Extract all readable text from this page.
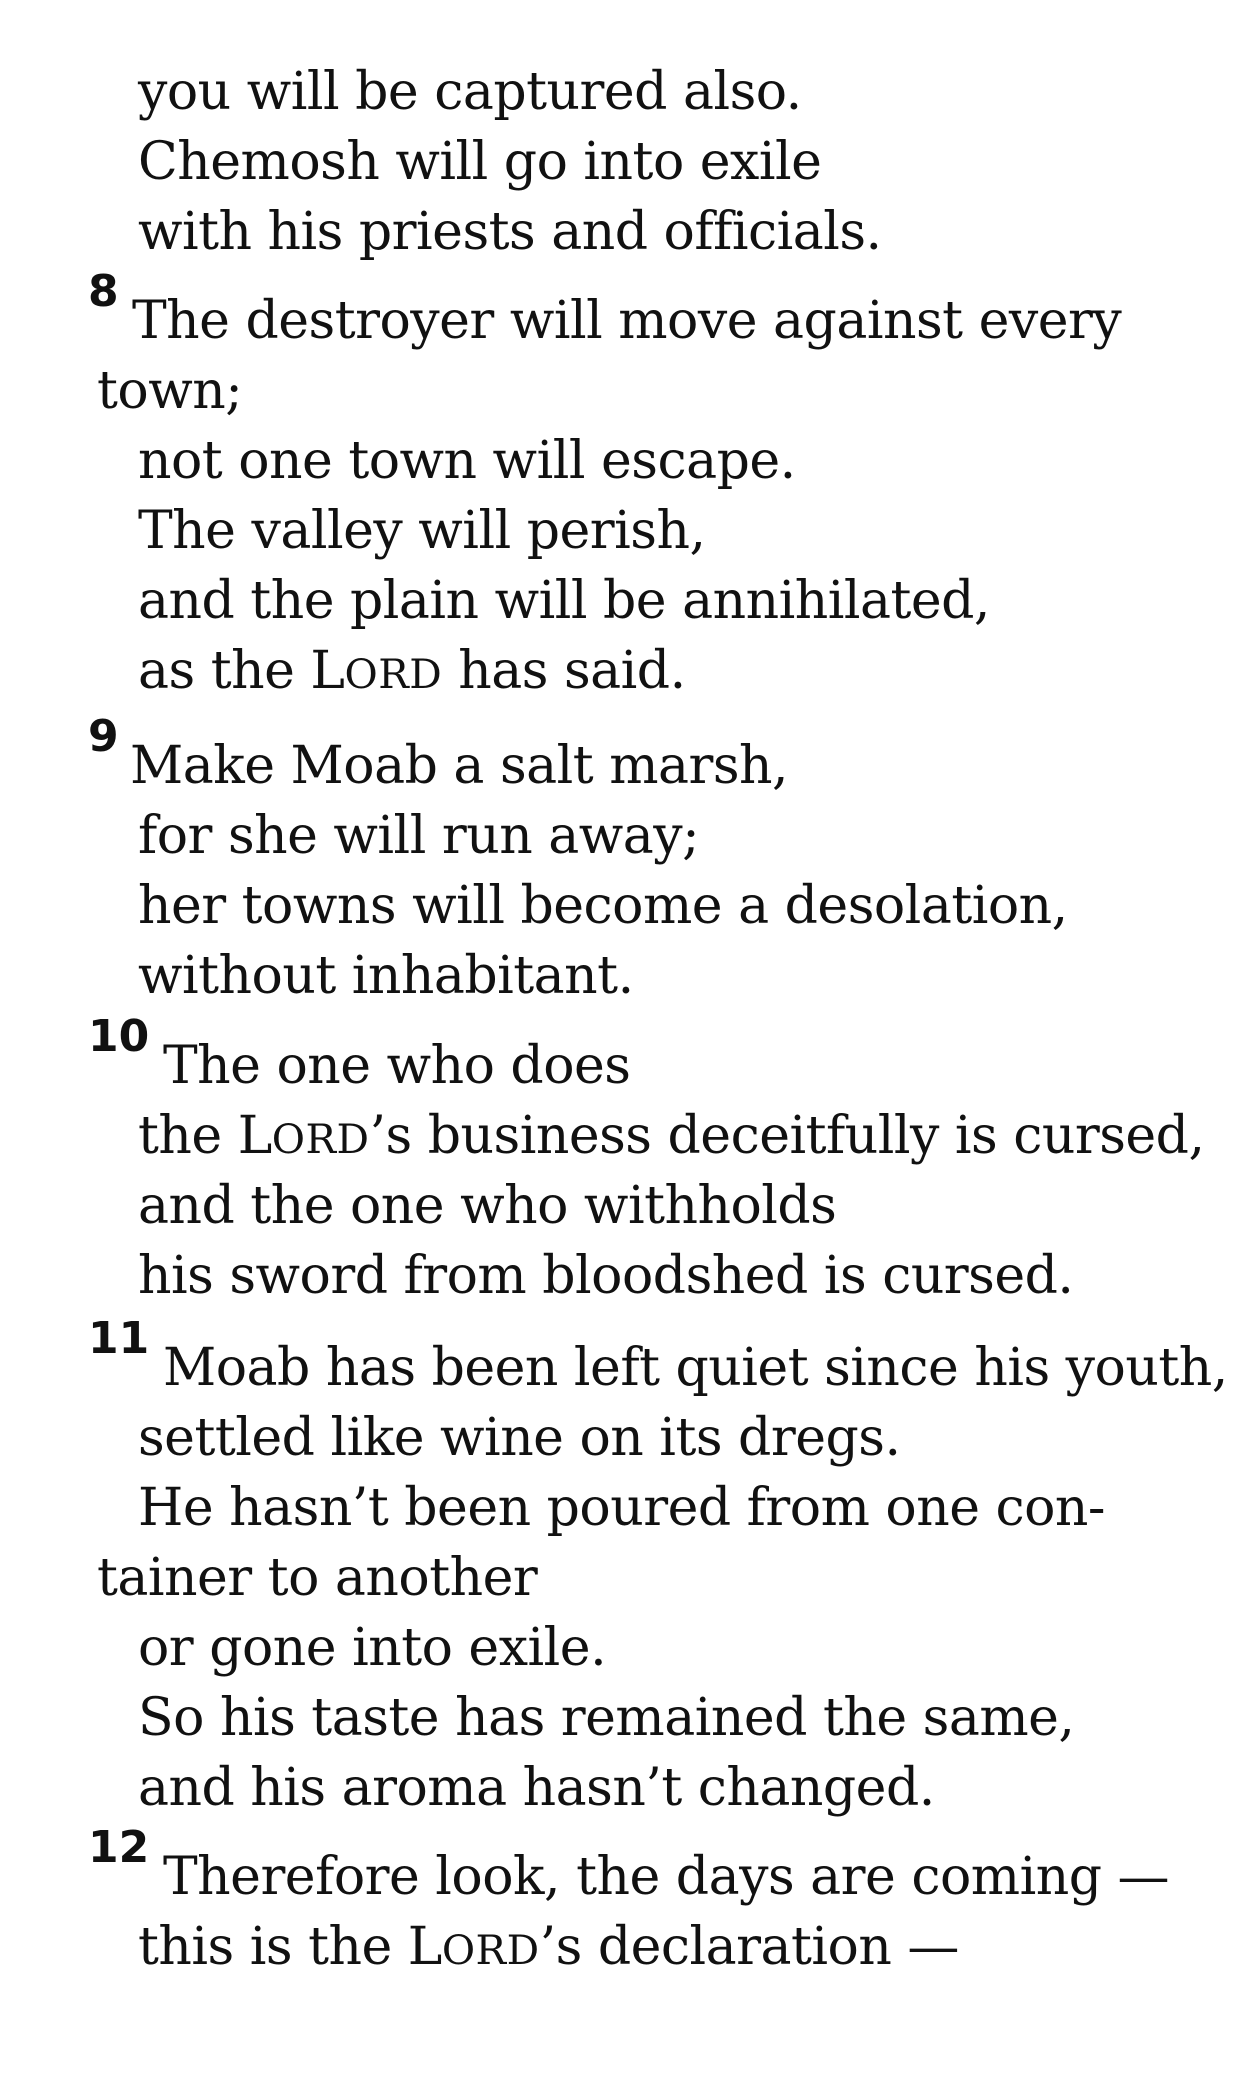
you will be captured also.
Chemosh will go into exile
with his priests and officials.
8 The destroyer will move against every
town;
not one town will escape.
The valley will perish,
and the plain will be annihilated,
as the LORD has said.
9 Make Moab a salt marsh,
for she will run away;
her towns will become a desolation,
without inhabitant.
10 The one who does
the LORD’s business deceitfully is cursed,
and the one who withholds
his sword from bloodshed is cursed.
11 Moab has been left quiet since his youth,
settled like wine on its dregs.
He hasn’t been poured from one con-
tainer to another
or gone into exile.
So his taste has remained the same,
and his aroma hasn’t changed.
12 Therefore look, the days are coming —
this is the LORD’s declaration —
